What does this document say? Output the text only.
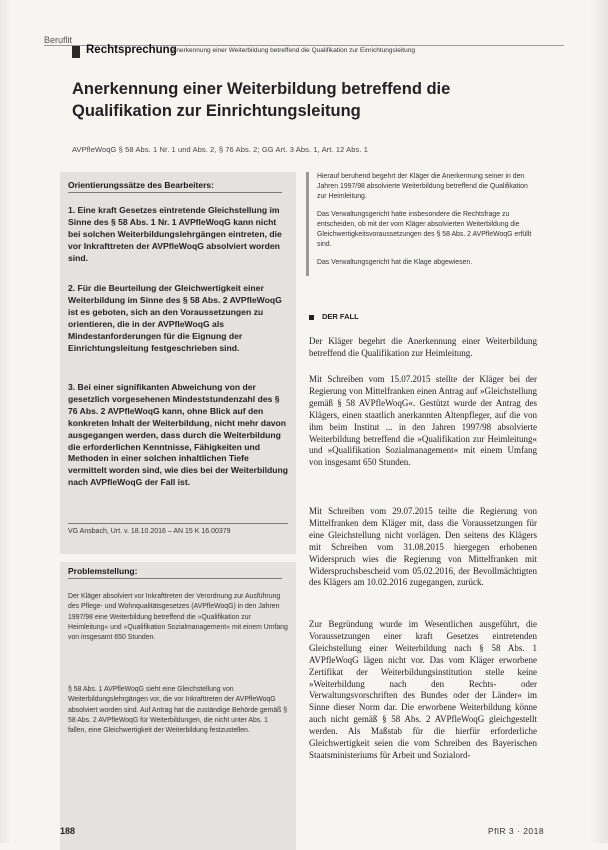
Beruflit
Rechtsprechung
Anerkennung einer Weiterbildung betreffend die Qualifikation zur Einrichtungsleitung
Anerkennung einer Weiterbildung betreffend die Qualifikation zur Einrichtungsleitung
AVPfleWoqG § 58 Abs. 1 Nr. 1 und Abs. 2, § 76 Abs. 2; GG Art. 3 Abs. 1, Art. 12 Abs. 1
Orientierungssätze des Bearbeiters:
1. Eine kraft Gesetzes eintretende Gleichstellung im Sinne des § 58 Abs. 1 Nr. 1 AVPfleWoqG kann nicht bei solchen Weiterbildungslehrgängen eintreten, die vor Inkrafttreten der AVPfleWoqG absolviert worden sind.
2. Für die Beurteilung der Gleichwertigkeit einer Weiterbildung im Sinne des § 58 Abs. 2 AVPfleWoqG ist es geboten, sich an den Voraussetzungen zu orientieren, die in der AVPfleWoqG als Mindestanforderungen für die Eignung der Einrichtungsleitung festgeschrieben sind.
3. Bei einer signifikanten Abweichung von der gesetzlich vorgesehenen Mindeststundenzahl des § 76 Abs. 2 AVPfleWoqG kann, ohne Blick auf den konkreten Inhalt der Weiterbildung, nicht mehr davon ausgegangen werden, dass durch die Weiterbildung die erforderlichen Kenntnisse, Fähigkeiten und Methoden in einer solchen inhaltlichen Tiefe vermittelt worden sind, wie dies bei der Weiterbildung nach AVPfleWoqG der Fall ist.
VG Ansbach, Urt. v. 18.10.2016 – AN 15 K 16.00379
Problemstellung:
Der Kläger absolviert vor Inkrafttreten der Verordnung zur Ausführung des Pflege- und Wohnqualitätsgesetzes (AVPfleWoqG) in den Jahren 1997/98 eine Weiterbildung betreffend die »Qualifikation zur Heimleitung« und »Qualifikation Sozialmanagement« mit einem Umfang von insgesamt 650 Stunden.
§ 58 Abs. 1 AVPfleWoqG sieht eine Gleichstellung von Weiterbildungslehrgängen vor, die vor Inkrafttreten der AVPfleWoqG absolviert worden sind. Auf Antrag hat die zuständige Behörde gemäß § 58 Abs. 2 AVPfleWoqG für Weiterbildungen, die nicht unter Abs. 1 fallen, eine Gleichwertigkeit der Weiterbildung festzustellen.

Hierauf beruhend begehrt der Kläger die Anerkennung seiner in den Jahren 1997/98 absolvierte Weiterbildung betreffend die Qualifikation zur Heimleitung.

Das Verwaltungsgericht hatte insbesondere die Rechtsfrage zu entscheiden, ob mit der vom Kläger absolvierten Weiterbildung die Gleichwertigkeitsvoraussetzungen des § 58 Abs. 2 AVPfleWoqG erfüllt sind.

Das Verwaltungsgericht hat die Klage abgewiesen.

DER FALL
Der Kläger begehrt die Anerkennung einer Weiterbildung betreffend die Qualifikation zur Heimleitung.
Mit Schreiben vom 15.07.2015 stellte der Kläger bei der Regierung von Mittelfranken einen Antrag auf »Gleichstellung gemäß § 58 AVPfleWoqG«. Gestützt wurde der Antrag des Klägers, einen staatlich anerkannten Altenpfleger, auf die von ihm beim Institut ... in den Jahren 1997/98 absolvierte Weiterbildung betreffend die »Qualifikation zur Heimleitung« und »Qualifikation Sozialmanagement« mit einem Umfang von insgesamt 650 Stunden.
Mit Schreiben vom 29.07.2015 teilte die Regierung von Mittelfranken dem Kläger mit, dass die Voraussetzungen für eine Gleichstellung nicht vorlägen. Den seitens des Klägers mit Schreiben vom 31.08.2015 hiergegen erhobenen Widerspruch wies die Regierung von Mittelfranken mit Widerspruchsbescheid vom 05.02.2016, der Bevollmächtigten des Klägers am 10.02.2016 zugegangen, zurück.
Zur Begründung wurde im Wesentlichen ausgeführt, die Voraussetzungen einer kraft Gesetzes eintretenden Gleichstellung einer Weiterbildung nach § 58 Abs. 1 AVPfleWoqG lägen nicht vor. Das vom Kläger erworbene Zertifikat der Weiterbildungsinstitution stelle keine »Weiterbildung nach den Rechts- oder Verwaltungsvorschriften des Bundes oder der Länder« im Sinne dieser Norm dar. Die erworbene Weiterbildung könne auch nicht gemäß § 58 Abs. 2 AVPfleWoqG gleichgestellt werden. Als Maßstab für die hierfür erforderliche Gleichwertigkeit seien die vom Schreiben des Bayerischen Staatsministeriums für Arbeit und Sozialord-
188	PflR 3 · 2018
